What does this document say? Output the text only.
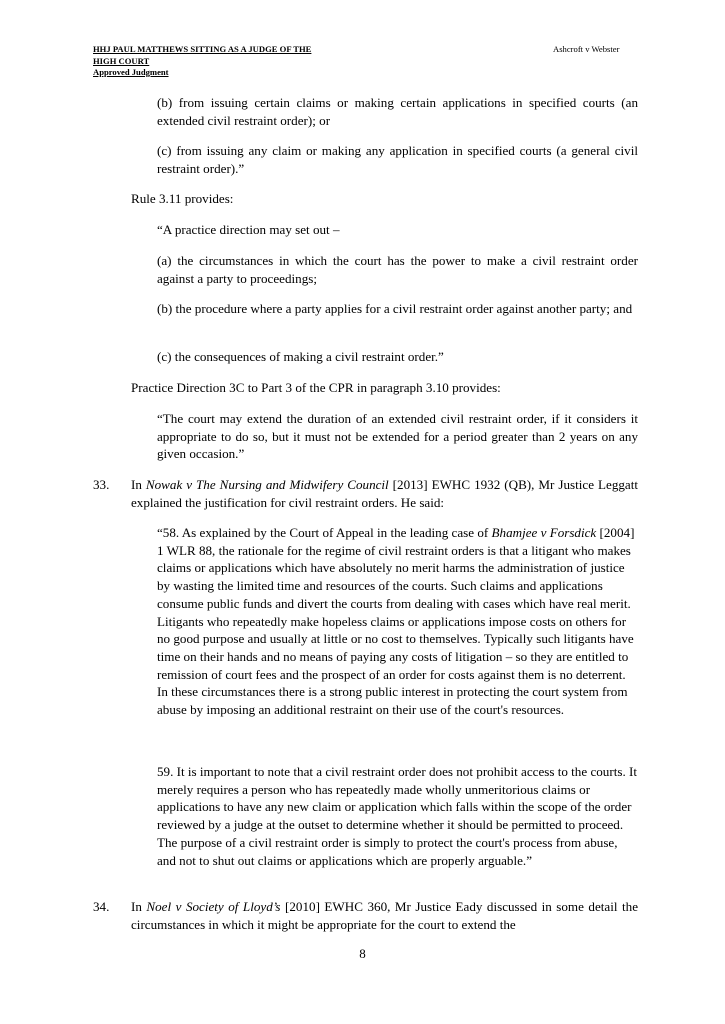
HHJ PAUL MATTHEWS SITTING AS A JUDGE OF THE
HIGH COURT
Approved Judgment
Ashcroft v Webster

(b) from issuing certain claims or making certain applications in specified courts (an extended civil restraint order); or

(c) from issuing any claim or making any application in specified courts (a general civil restraint order).”

Rule 3.11 provides:

“A practice direction may set out –

(a) the circumstances in which the court has the power to make a civil restraint order against a party to proceedings;

(b) the procedure where a party applies for a civil restraint order against another party; and

(c) the consequences of making a civil restraint order.”

Practice Direction 3C to Part 3 of the CPR in paragraph 3.10 provides:

“The court may extend the duration of an extended civil restraint order, if it considers it appropriate to do so, but it must not be extended for a period greater than 2 years on any given occasion.”

33. In Nowak v The Nursing and Midwifery Council [2013] EWHC 1932 (QB), Mr Justice Leggatt explained the justification for civil restraint orders. He said:

“58. As explained by the Court of Appeal in the leading case of Bhamjee v Forsdick [2004] 1 WLR 88, the rationale for the regime of civil restraint orders is that a litigant who makes claims or applications which have absolutely no merit harms the administration of justice by wasting the limited time and resources of the courts. Such claims and applications consume public funds and divert the courts from dealing with cases which have real merit. Litigants who repeatedly make hopeless claims or applications impose costs on others for no good purpose and usually at little or no cost to themselves. Typically such litigants have time on their hands and no means of paying any costs of litigation – so they are entitled to remission of court fees and the prospect of an order for costs against them is no deterrent. In these circumstances there is a strong public interest in protecting the court system from abuse by imposing an additional restraint on their use of the court's resources.

59. It is important to note that a civil restraint order does not prohibit access to the courts. It merely requires a person who has repeatedly made wholly unmeritorious claims or applications to have any new claim or application which falls within the scope of the order reviewed by a judge at the outset to determine whether it should be permitted to proceed. The purpose of a civil restraint order is simply to protect the court's process from abuse, and not to shut out claims or applications which are properly arguable.”

34. In Noel v Society of Lloyd’s [2010] EWHC 360, Mr Justice Eady discussed in some detail the circumstances in which it might be appropriate for the court to extend the

8
